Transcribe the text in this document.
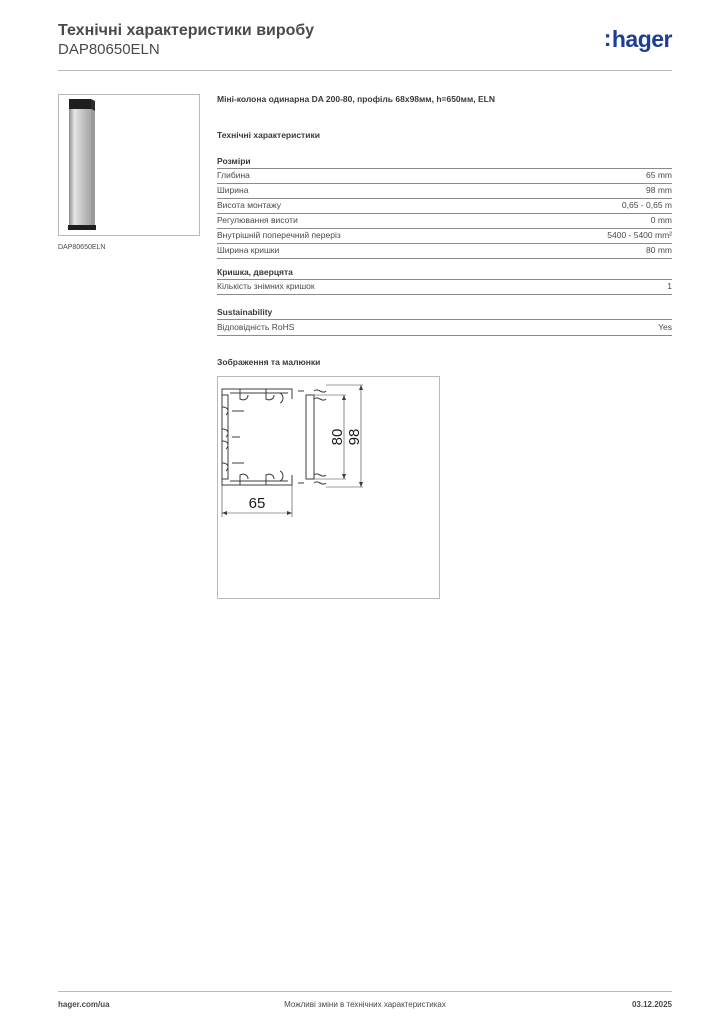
Технічні характеристики виробу
DAP80650ELN	:hager
DAP80650ELN
Міні-колона одинарна DA 200-80, профіль 68х98мм, h=650мм, ELN
Технічні характеристики
Розміри
Глибина	65 mm
Ширина	98 mm
Висота монтажу	0,65 - 0,65 m
Регулювання висоти	0 mm
Внутрішній поперечний переріз	5400 - 5400 mm²
Ширина кришки	80 mm
Кришка, дверцята
Кількість знімних кришок	1
Sustainability
Відповідність RoHS	Yes
Зображення та малюнки
80 98
65
hager.com/ua	Можливі зміни в технічних характеристиках	03.12.2025
